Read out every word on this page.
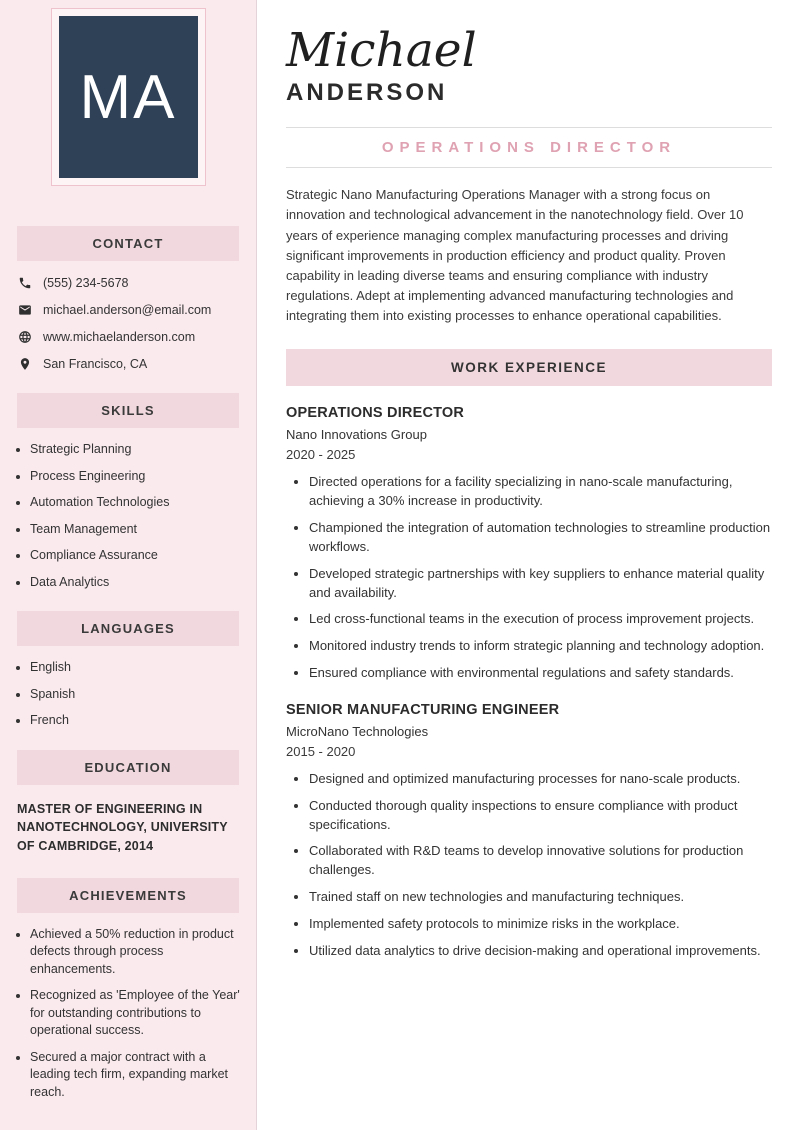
MA
CONTACT
(555) 234-5678
michael.anderson@email.com
www.michaelanderson.com
San Francisco, CA
SKILLS
• Strategic Planning
• Process Engineering
• Automation Technologies
• Team Management
• Compliance Assurance
• Data Analytics
LANGUAGES
• English
• Spanish
• French
EDUCATION

MASTER OF ENGINEERING IN NANOTECHNOLOGY, UNIVERSITY OF CAMBRIDGE, 2014

ACHIEVEMENTS
• Achieved a 50% reduction in product defects through process enhancements.
• Recognized as 'Employee of the Year' for outstanding contributions to operational success.
• Secured a major contract with a leading tech firm, expanding market reach.
Michael
ANDERSON
OPERATIONS DIRECTOR

Strategic Nano Manufacturing Operations Manager with a strong focus on innovation and technological advancement in the nanotechnology field. Over 10 years of experience managing complex manufacturing processes and driving significant improvements in production efficiency and product quality. Proven capability in leading diverse teams and ensuring compliance with industry regulations. Adept at implementing advanced manufacturing technologies and integrating them into existing processes to enhance operational capabilities.

WORK EXPERIENCE
OPERATIONS DIRECTOR
Nano Innovations Group
2020 - 2025
• Directed operations for a facility specializing in nano-scale manufacturing, achieving a 30% increase in productivity.
• Championed the integration of automation technologies to streamline production workflows.
• Developed strategic partnerships with key suppliers to enhance material quality and availability.
• Led cross-functional teams in the execution of process improvement projects.
• Monitored industry trends to inform strategic planning and technology adoption.
• Ensured compliance with environmental regulations and safety standards.
SENIOR MANUFACTURING ENGINEER
MicroNano Technologies
2015 - 2020
• Designed and optimized manufacturing processes for nano-scale products.
• Conducted thorough quality inspections to ensure compliance with product specifications.
• Collaborated with R&D teams to develop innovative solutions for production challenges.
• Trained staff on new technologies and manufacturing techniques.
• Implemented safety protocols to minimize risks in the workplace.
• Utilized data analytics to drive decision-making and operational improvements.
